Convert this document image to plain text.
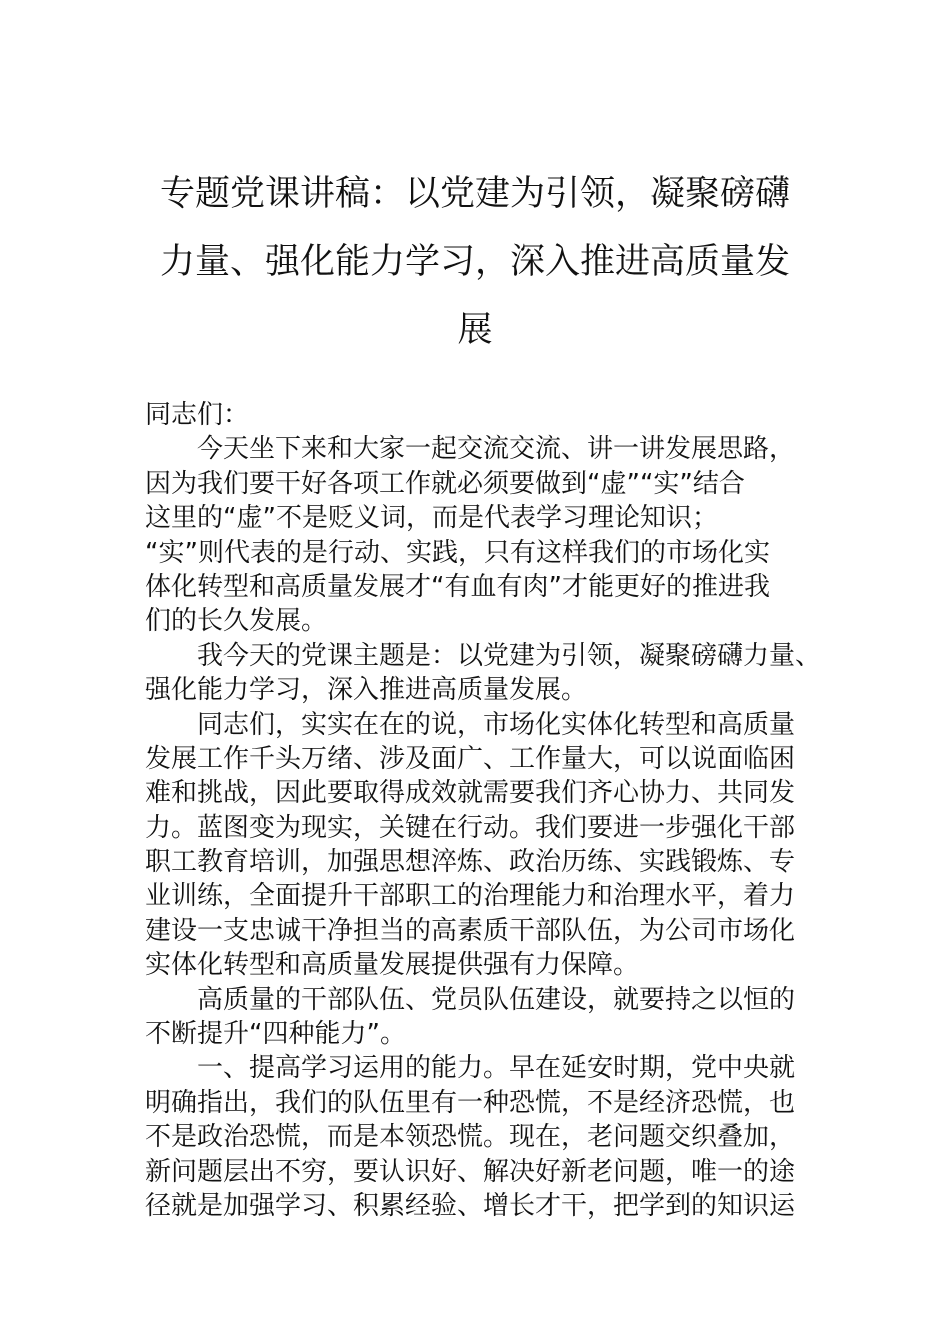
专题党课讲稿：以党建为引领，凝聚磅礴
力量、强化能力学习，深入推进高质量发
展
同志们：
今天坐下来和大家一起交流交流、讲一讲发展思路，
因为我们要干好各项工作就必须要做到“虚”“实”结合
这里的“虚”不是贬义词，而是代表学习理论知识；
“实”则代表的是行动、实践，只有这样我们的市场化实
体化转型和高质量发展才“有血有肉”才能更好的推进我
们的长久发展。
我今天的党课主题是：以党建为引领，凝聚磅礴力量、
强化能力学习，深入推进高质量发展。
同志们，实实在在的说，市场化实体化转型和高质量
发展工作千头万绪、涉及面广、工作量大，可以说面临困
难和挑战，因此要取得成效就需要我们齐心协力、共同发
力。蓝图变为现实，关键在行动。我们要进一步强化干部
职工教育培训，加强思想淬炼、政治历练、实践锻炼、专
业训练，全面提升干部职工的治理能力和治理水平，着力
建设一支忠诚干净担当的高素质干部队伍，为公司市场化
实体化转型和高质量发展提供强有力保障。
高质量的干部队伍、党员队伍建设，就要持之以恒的
不断提升“四种能力”。
一、提高学习运用的能力。早在延安时期，党中央就
明确指出，我们的队伍里有一种恐慌，不是经济恐慌，也
不是政治恐慌，而是本领恐慌。现在，老问题交织叠加，
新问题层出不穷，要认识好、解决好新老问题，唯一的途
径就是加强学习、积累经验、增长才干，把学到的知识运
